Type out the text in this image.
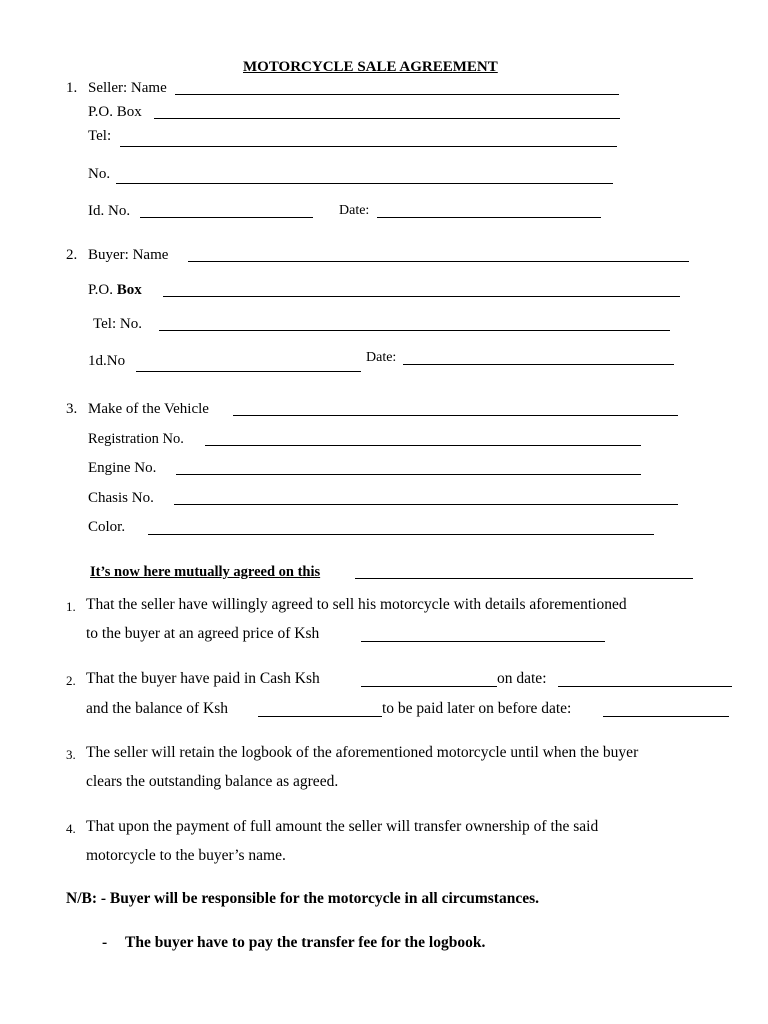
MOTORCYCLE SALE AGREEMENT
1. Seller: Name
P.O. Box
Tel:
No.
Id. No.	Date:
2. Buyer: Name
P.O. Box
Tel: No.
1d.No	Date:
3. Make of the Vehicle
Registration No.
Engine No.
Chasis No.
Color.
It’s now here mutually agreed on this
1. That the seller have willingly agreed to sell his motorcycle with details aforementioned
to the buyer at an agreed price of Ksh
2. That the buyer have paid in Cash Ksh	on date:
and the balance of Ksh	to be paid later on before date:
3. The seller will retain the logbook of the aforementioned motorcycle until when the buyer
clears the outstanding balance as agreed.
4. That upon the payment of full amount the seller will transfer ownership of the said
motorcycle to the buyer’s name.
N/B: - Buyer will be responsible for the motorcycle in all circumstances.
- The buyer have to pay the transfer fee for the logbook.
